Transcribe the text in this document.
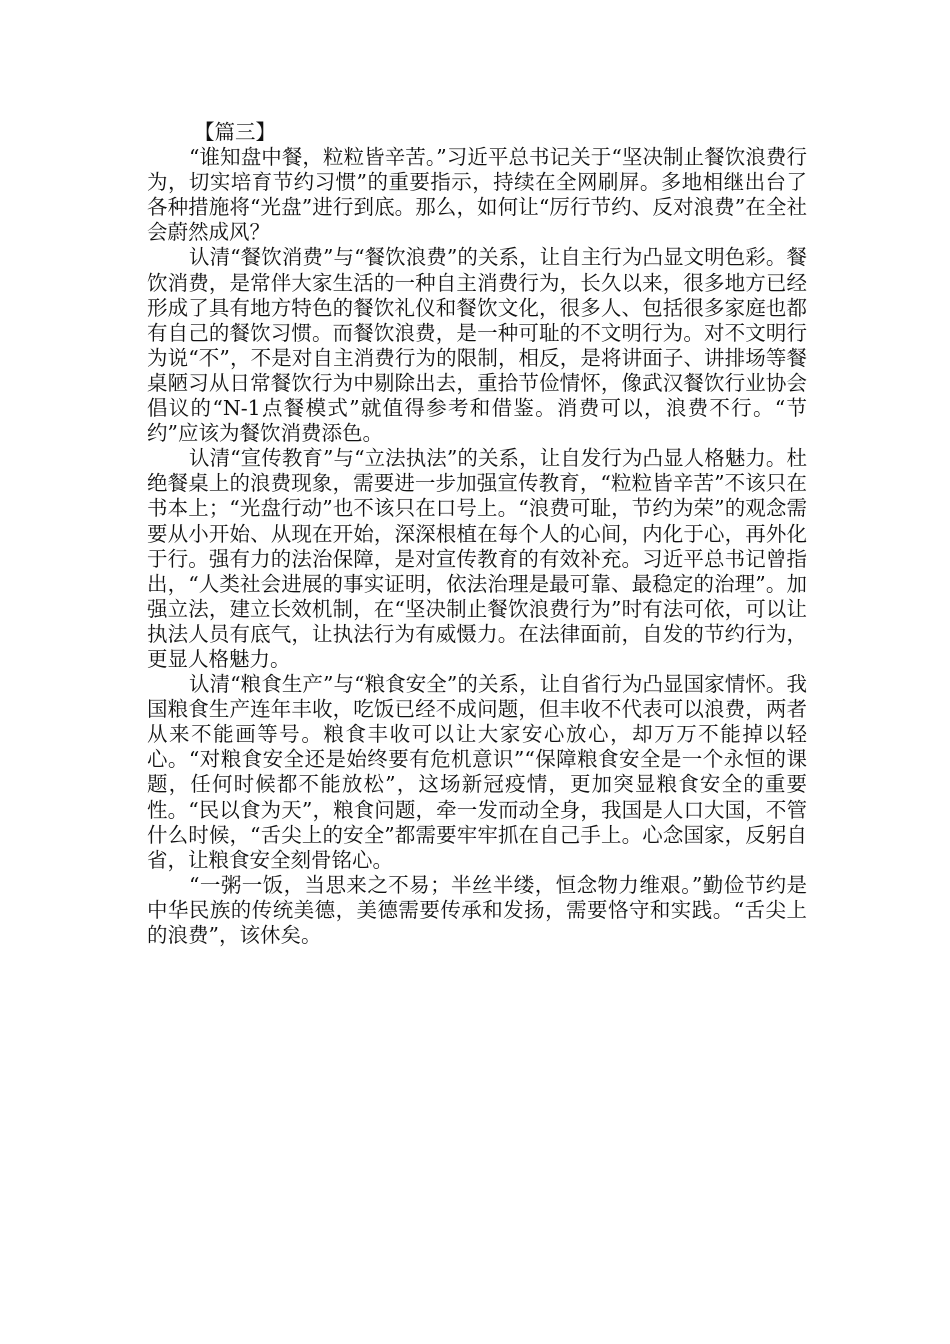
【篇三】

“谁知盘中餐，粒粒皆辛苦。”习近平总书记关于“坚决制止餐饮浪费行为，切实培育节约习惯”的重要指示，持续在全网刷屏。多地相继出台了各种措施将“光盘”进行到底。那么，如何让“厉行节约、反对浪费”在全社会蔚然成风？

认清“餐饮消费”与“餐饮浪费”的关系，让自主行为凸显文明色彩。餐饮消费，是常伴大家生活的一种自主消费行为，长久以来，很多地方已经形成了具有地方特色的餐饮礼仪和餐饮文化，很多人、包括很多家庭也都有自己的餐饮习惯。而餐饮浪费，是一种可耻的不文明行为。对不文明行为说“不”，不是对自主消费行为的限制，相反，是将讲面子、讲排场等餐桌陋习从日常餐饮行为中剔除出去，重拾节俭情怀，像武汉餐饮行业协会倡议的“N-1点餐模式”就值得参考和借鉴。消费可以，浪费不行。“节约”应该为餐饮消费添色。

认清“宣传教育”与“立法执法”的关系，让自发行为凸显人格魅力。杜绝餐桌上的浪费现象，需要进一步加强宣传教育，“粒粒皆辛苦”不该只在书本上；“光盘行动”也不该只在口号上。“浪费可耻，节约为荣”的观念需要从小开始、从现在开始，深深根植在每个人的心间，内化于心，再外化于行。强有力的法治保障，是对宣传教育的有效补充。习近平总书记曾指出，“人类社会进展的事实证明，依法治理是最可靠、最稳定的治理”。加强立法，建立长效机制，在“坚决制止餐饮浪费行为”时有法可依，可以让执法人员有底气，让执法行为有威慑力。在法律面前，自发的节约行为，更显人格魅力。

认清“粮食生产”与“粮食安全”的关系，让自省行为凸显国家情怀。我国粮食生产连年丰收，吃饭已经不成问题，但丰收不代表可以浪费，两者从来不能画等号。粮食丰收可以让大家安心放心，却万万不能掉以轻心。“对粮食安全还是始终要有危机意识”“保障粮食安全是一个永恒的课题，任何时候都不能放松”，这场新冠疫情，更加突显粮食安全的重要性。“民以食为天”，粮食问题，牵一发而动全身，我国是人口大国，不管什么时候，“舌尖上的安全”都需要牢牢抓在自己手上。心念国家，反躬自省，让粮食安全刻骨铭心。

“一粥一饭，当思来之不易；半丝半缕，恒念物力维艰。”勤俭节约是中华民族的传统美德，美德需要传承和发扬，需要恪守和实践。“舌尖上的浪费”，该休矣。
